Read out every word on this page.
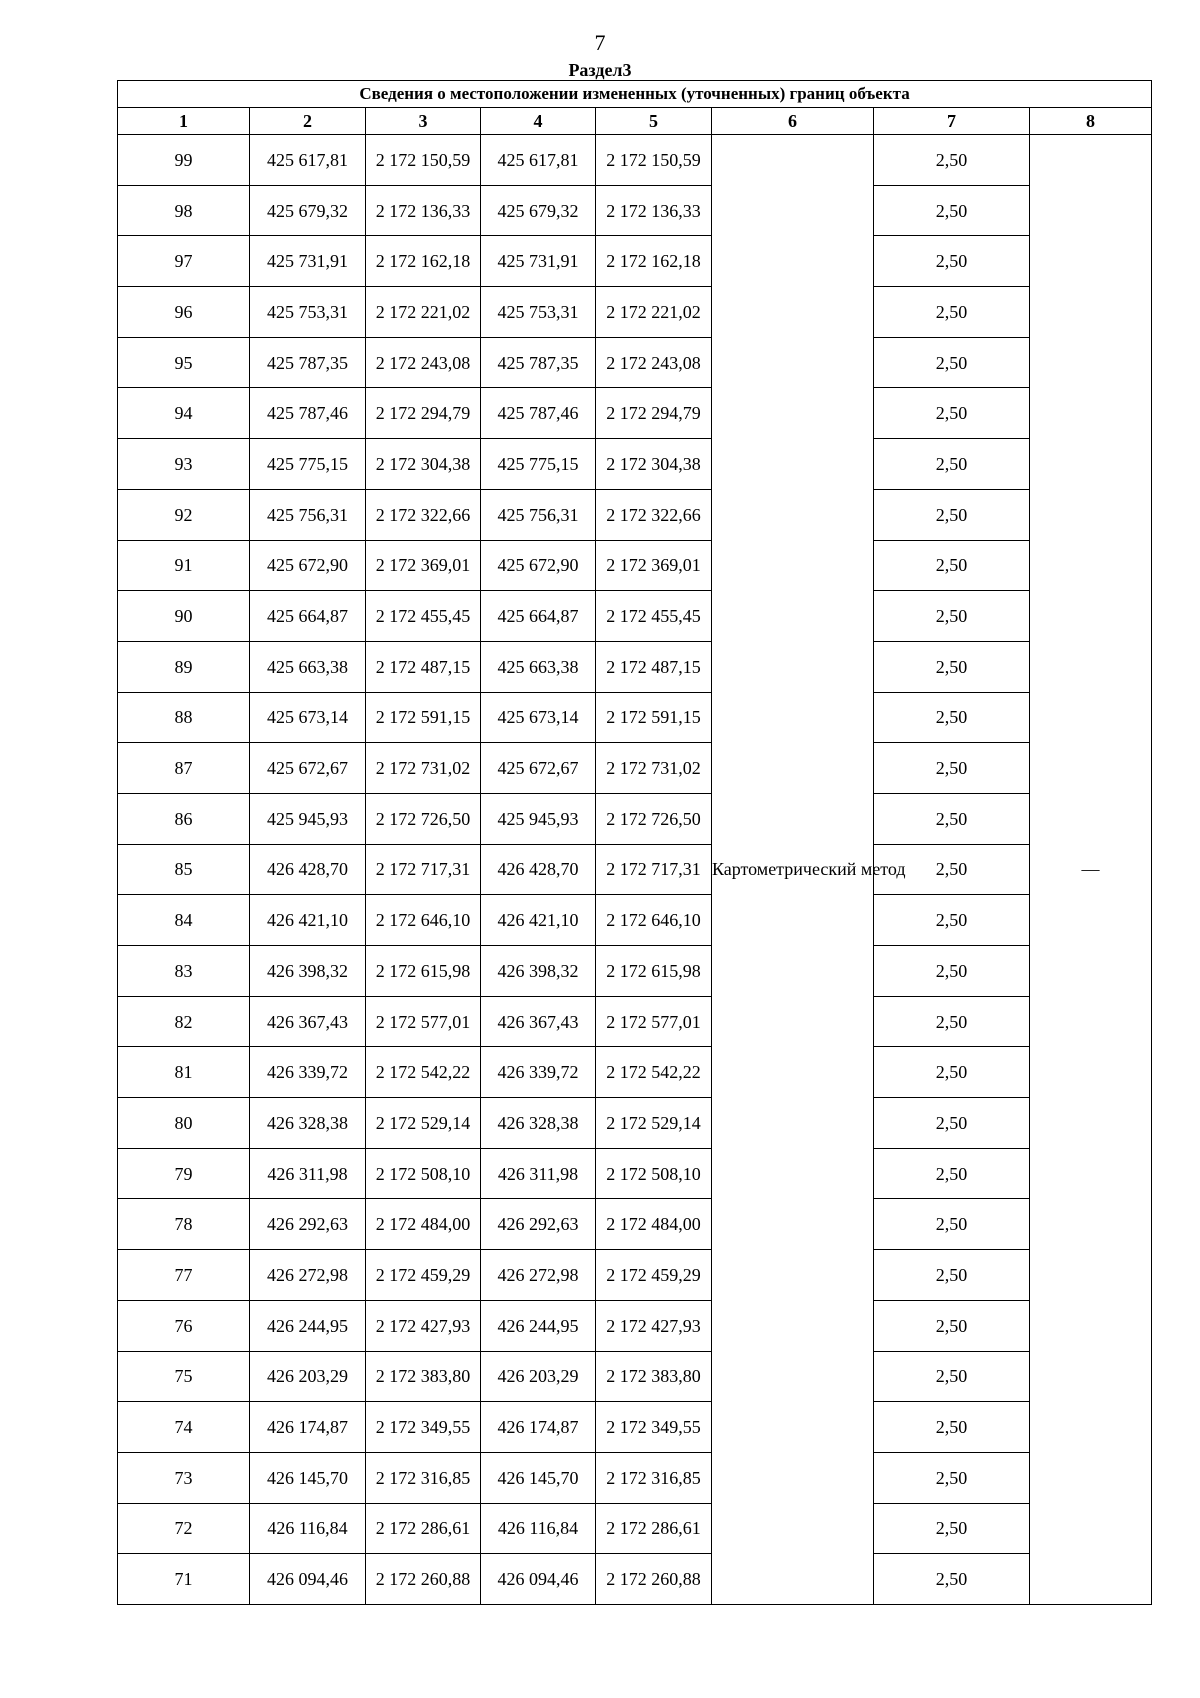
7
Раздел3
Сведения о местоположении измененных (уточненных) границ объекта							
1	2	3	4	5	6	7	8
99	425 617,81	2 172 150,59	425 617,81	2 172 150,59	Картометрический метод	2,50	—
98	425 679,32	2 172 136,33	425 679,32	2 172 136,33		2,50	
97	425 731,91	2 172 162,18	425 731,91	2 172 162,18		2,50	
96	425 753,31	2 172 221,02	425 753,31	2 172 221,02		2,50	
95	425 787,35	2 172 243,08	425 787,35	2 172 243,08		2,50	
94	425 787,46	2 172 294,79	425 787,46	2 172 294,79		2,50	
93	425 775,15	2 172 304,38	425 775,15	2 172 304,38		2,50	
92	425 756,31	2 172 322,66	425 756,31	2 172 322,66		2,50	
91	425 672,90	2 172 369,01	425 672,90	2 172 369,01		2,50	
90	425 664,87	2 172 455,45	425 664,87	2 172 455,45		2,50	
89	425 663,38	2 172 487,15	425 663,38	2 172 487,15		2,50	
88	425 673,14	2 172 591,15	425 673,14	2 172 591,15		2,50	
87	425 672,67	2 172 731,02	425 672,67	2 172 731,02		2,50	
86	425 945,93	2 172 726,50	425 945,93	2 172 726,50		2,50	
85	426 428,70	2 172 717,31	426 428,70	2 172 717,31		2,50	
84	426 421,10	2 172 646,10	426 421,10	2 172 646,10		2,50	
83	426 398,32	2 172 615,98	426 398,32	2 172 615,98		2,50	
82	426 367,43	2 172 577,01	426 367,43	2 172 577,01		2,50	
81	426 339,72	2 172 542,22	426 339,72	2 172 542,22		2,50	
80	426 328,38	2 172 529,14	426 328,38	2 172 529,14		2,50	
79	426 311,98	2 172 508,10	426 311,98	2 172 508,10		2,50	
78	426 292,63	2 172 484,00	426 292,63	2 172 484,00		2,50	
77	426 272,98	2 172 459,29	426 272,98	2 172 459,29		2,50	
76	426 244,95	2 172 427,93	426 244,95	2 172 427,93		2,50	
75	426 203,29	2 172 383,80	426 203,29	2 172 383,80		2,50	
74	426 174,87	2 172 349,55	426 174,87	2 172 349,55		2,50	
73	426 145,70	2 172 316,85	426 145,70	2 172 316,85		2,50	
72	426 116,84	2 172 286,61	426 116,84	2 172 286,61		2,50	
71	426 094,46	2 172 260,88	426 094,46	2 172 260,88		2,50	
